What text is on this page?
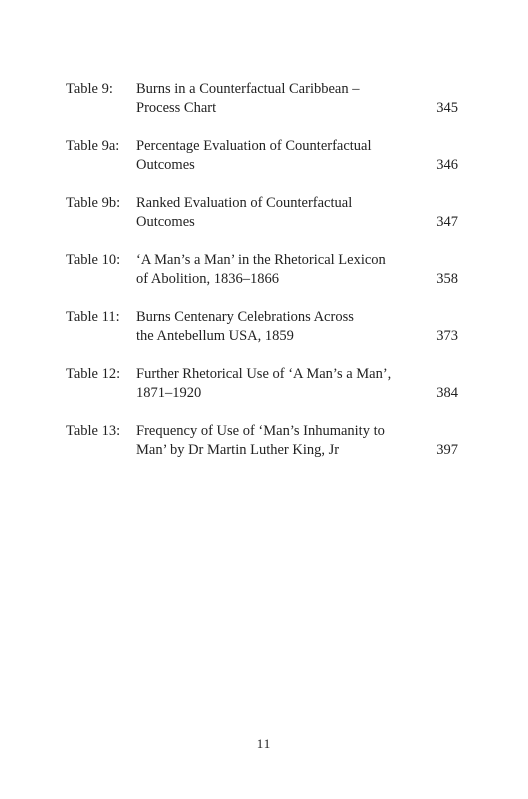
Table 9: Burns in a Counterfactual Caribbean –
Process Chart	345
Table 9a: Percentage Evaluation of Counterfactual
Outcomes	346
Table 9b: Ranked Evaluation of Counterfactual
Outcomes	347
Table 10: ‘A Man’s a Man’ in the Rhetorical Lexicon
of Abolition, 1836–1866	358
Table 11: Burns Centenary Celebrations Across
the Antebellum USA, 1859	373
Table 12: Further Rhetorical Use of ‘A Man’s a Man’,
1871–1920	384
Table 13: Frequency of Use of ‘Man’s Inhumanity to
Man’ by Dr Martin Luther King, Jr	397
11
